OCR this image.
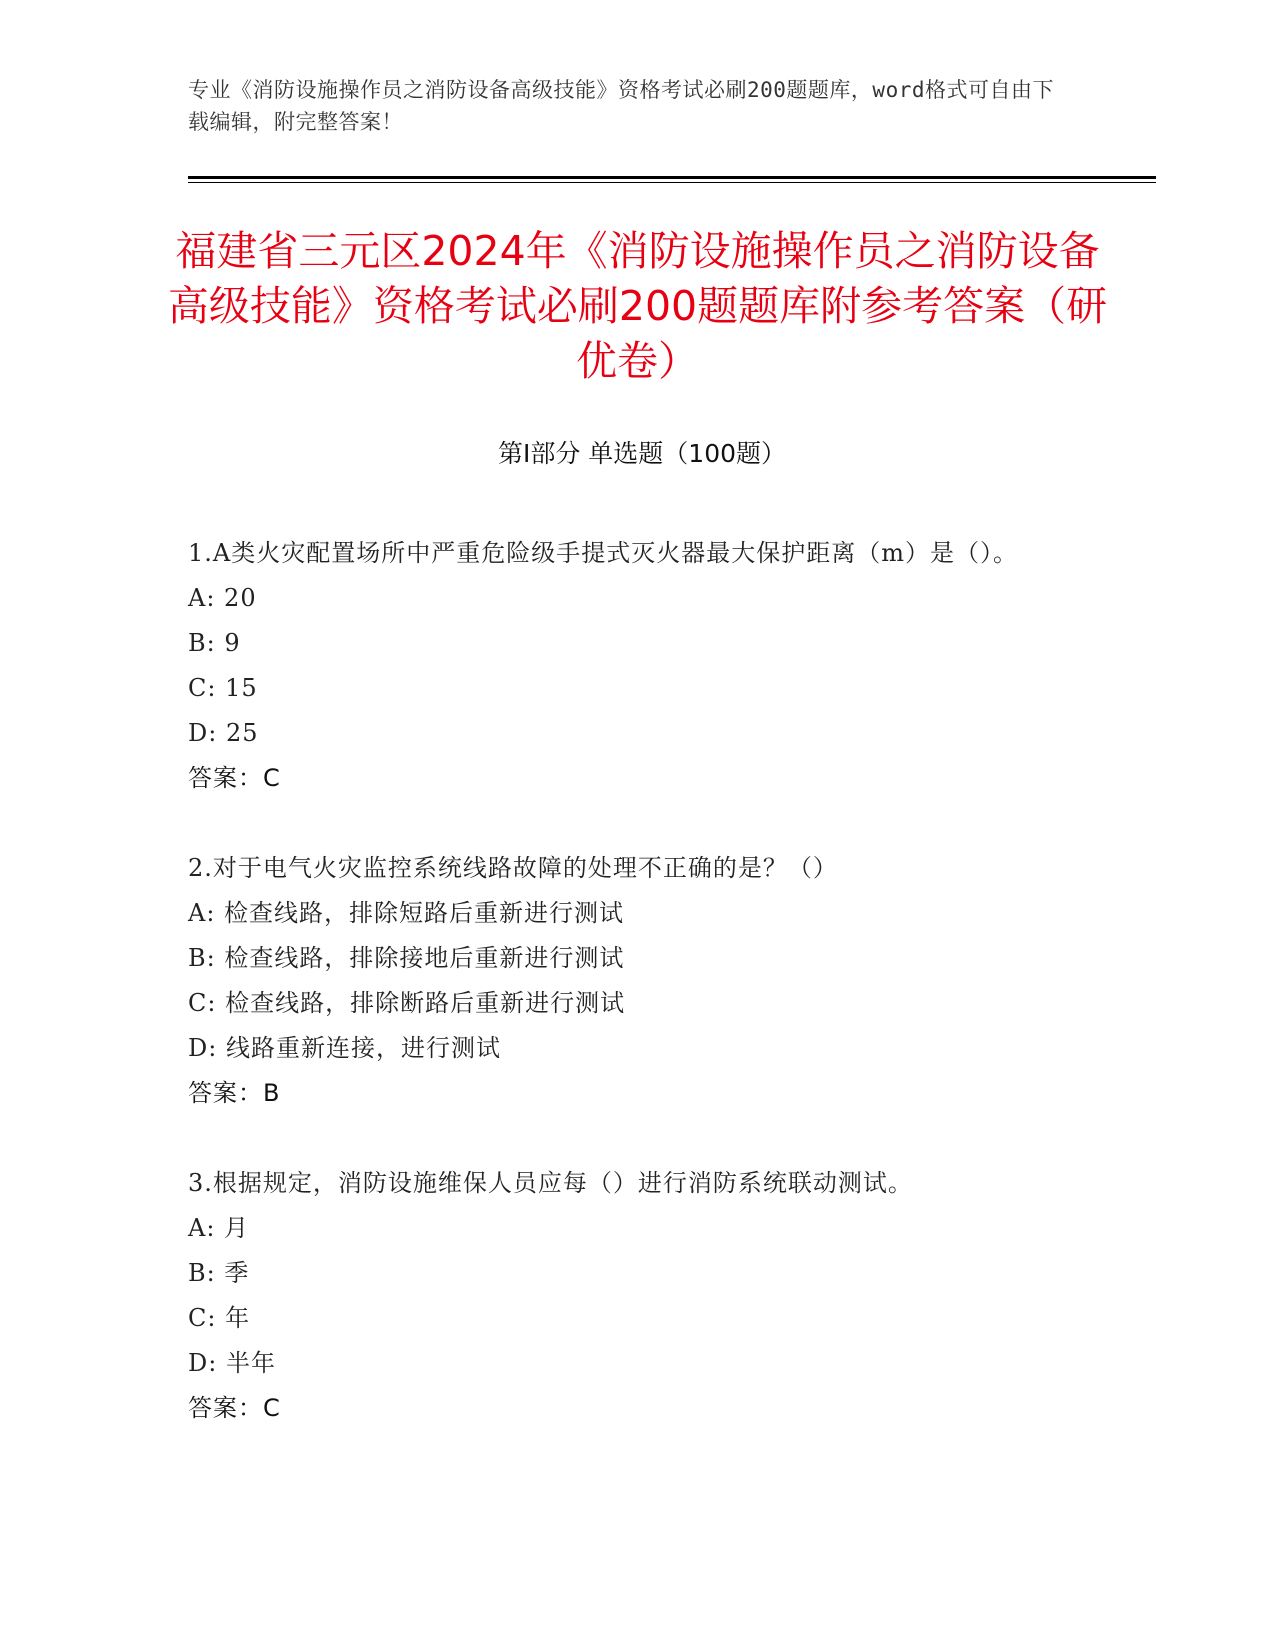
专业《消防设施操作员之消防设备高级技能》资格考试必刷200题题库，word格式可自由下载编辑，附完整答案！
福建省三元区2024年《消防设施操作员之消防设备高级技能》资格考试必刷200题题库附参考答案（研优卷）
第Ⅰ部分 单选题（100题）
1.A类火灾配置场所中严重危险级手提式灭火器最大保护距离（m）是（）。
A: 20
B: 9
C: 15
D: 25
答案：C
2.对于电气火灾监控系统线路故障的处理不正确的是？（）
A: 检查线路，排除短路后重新进行测试
B: 检查线路，排除接地后重新进行测试
C: 检查线路，排除断路后重新进行测试
D: 线路重新连接，进行测试
答案：B
3.根据规定，消防设施维保人员应每（）进行消防系统联动测试。
A: 月
B: 季
C: 年
D: 半年
答案：C
